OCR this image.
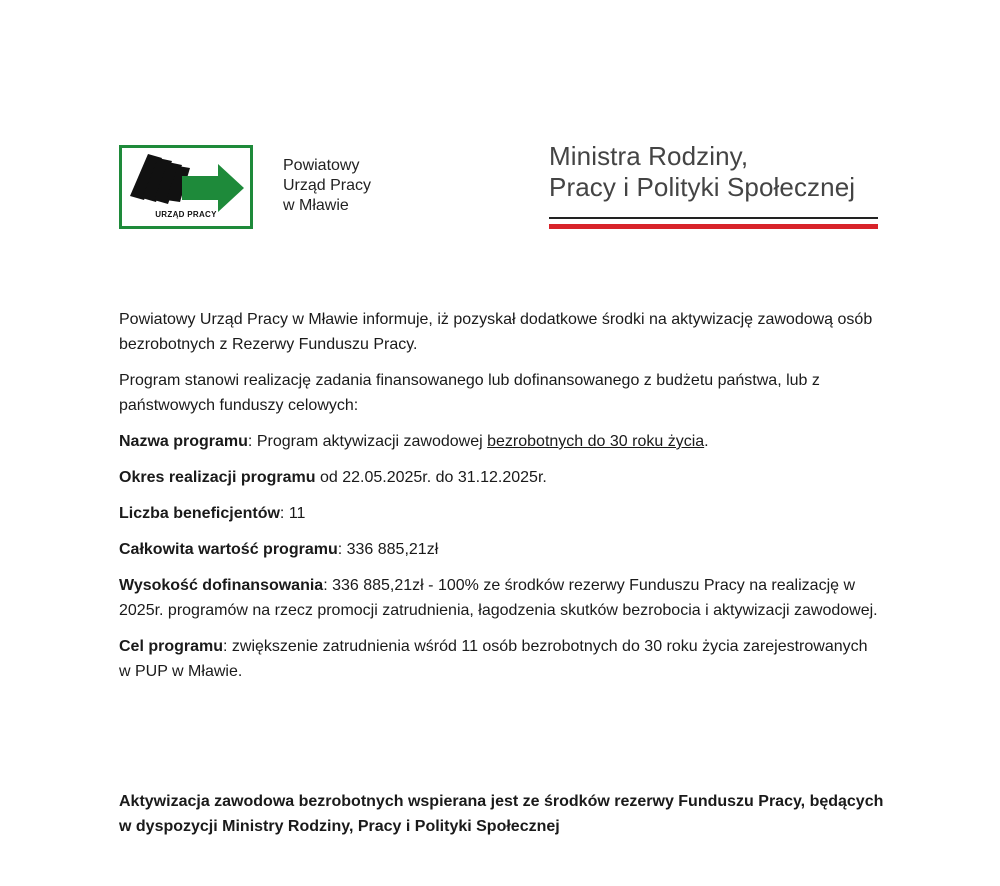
URZĄD PRACY
Powiatowy
Urząd Pracy
w Mławie
Ministra Rodziny,
Pracy i Polityki Społecznej

Powiatowy Urząd Pracy w Mławie informuje, iż pozyskał dodatkowe środki na aktywizację zawodową osób bezrobotnych z Rezerwy Funduszu Pracy.

Program stanowi realizację zadania finansowanego lub dofinansowanego z budżetu państwa, lub z państwowych funduszy celowych:

Nazwa programu: Program aktywizacji zawodowej bezrobotnych do 30 roku życia.

Okres realizacji programu od 22.05.2025r. do 31.12.2025r.

Liczba beneficjentów: 11

Całkowita wartość programu: 336 885,21zł

Wysokość dofinansowania: 336 885,21zł - 100% ze środków rezerwy Funduszu Pracy na realizację w 2025r. programów na rzecz promocji zatrudnienia, łagodzenia skutków bezrobocia i aktywizacji zawodowej.

Cel programu: zwiększenie zatrudnienia wśród 11 osób bezrobotnych do 30 roku życia zarejestrowanych w PUP w Mławie.

Aktywizacja zawodowa bezrobotnych wspierana jest ze środków rezerwy Funduszu Pracy, będących w dyspozycji Ministry Rodziny, Pracy i Polityki Społecznej
